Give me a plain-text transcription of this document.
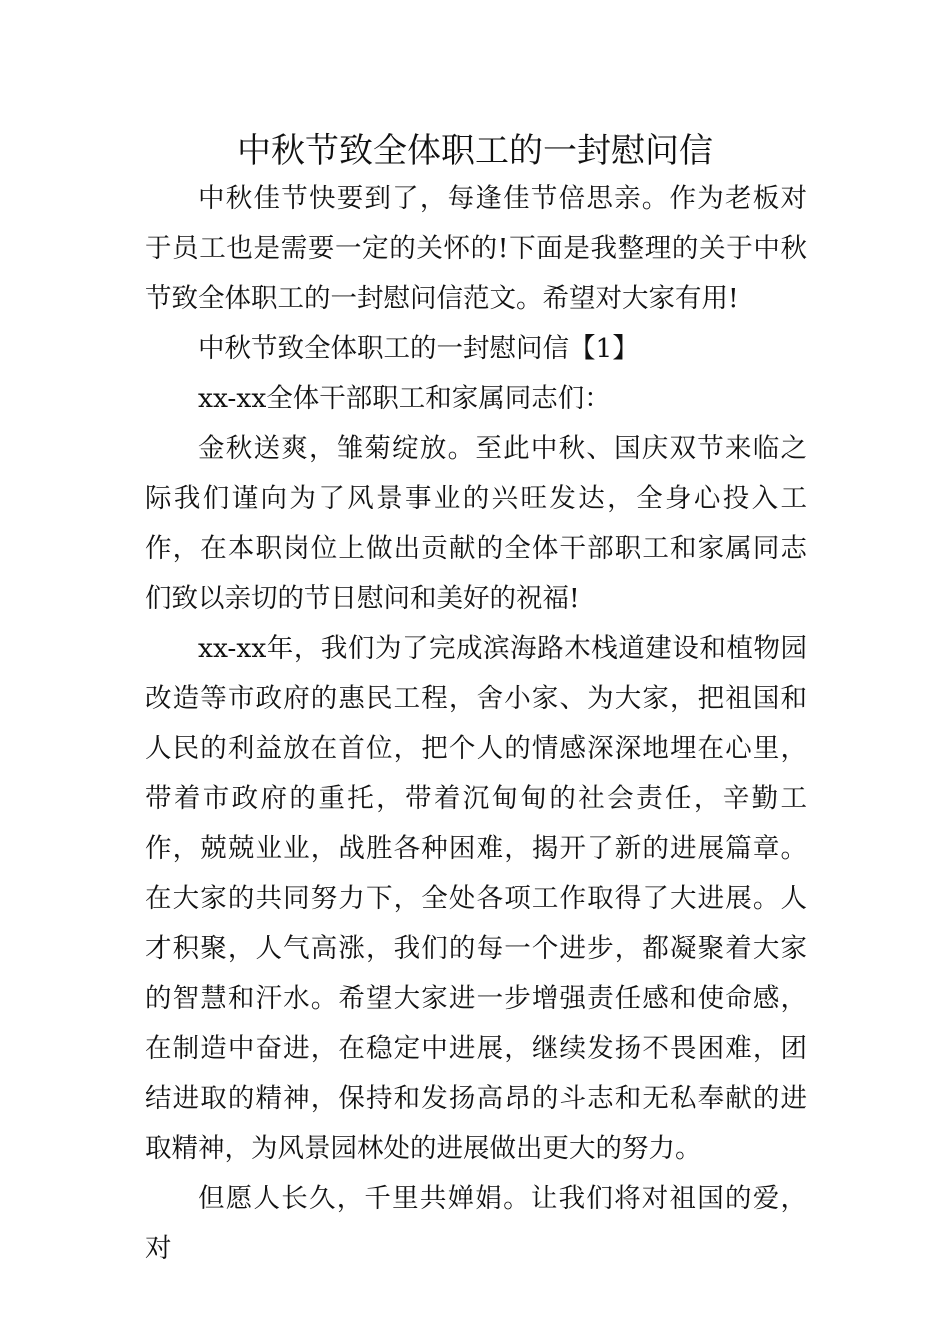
中秋节致全体职工的一封慰问信

中秋佳节快要到了，每逢佳节倍思亲。作为老板对于员工也是需要一定的关怀的!下面是我整理的关于中秋节致全体职工的一封慰问信范文。希望对大家有用!

中秋节致全体职工的一封慰问信【1】

xx-xx全体干部职工和家属同志们：

金秋送爽，雏菊绽放。至此中秋、国庆双节来临之际我们谨向为了风景事业的兴旺发达，全身心投入工作，在本职岗位上做出贡献的全体干部职工和家属同志们致以亲切的节日慰问和美好的祝福!

xx-xx年，我们为了完成滨海路木栈道建设和植物园改造等市政府的惠民工程，舍小家、为大家，把祖国和人民的利益放在首位，把个人的情感深深地埋在心里，带着市政府的重托，带着沉甸甸的社会责任，辛勤工作，兢兢业业，战胜各种困难，揭开了新的进展篇章。在大家的共同努力下，全处各项工作取得了大进展。人才积聚，人气高涨，我们的每一个进步，都凝聚着大家的智慧和汗水。希望大家进一步增强责任感和使命感，在制造中奋进，在稳定中进展，继续发扬不畏困难，团结进取的精神，保持和发扬高昂的斗志和无私奉献的进取精神，为风景园林处的进展做出更大的努力。

但愿人长久，千里共婵娟。让我们将对祖国的爱，对
